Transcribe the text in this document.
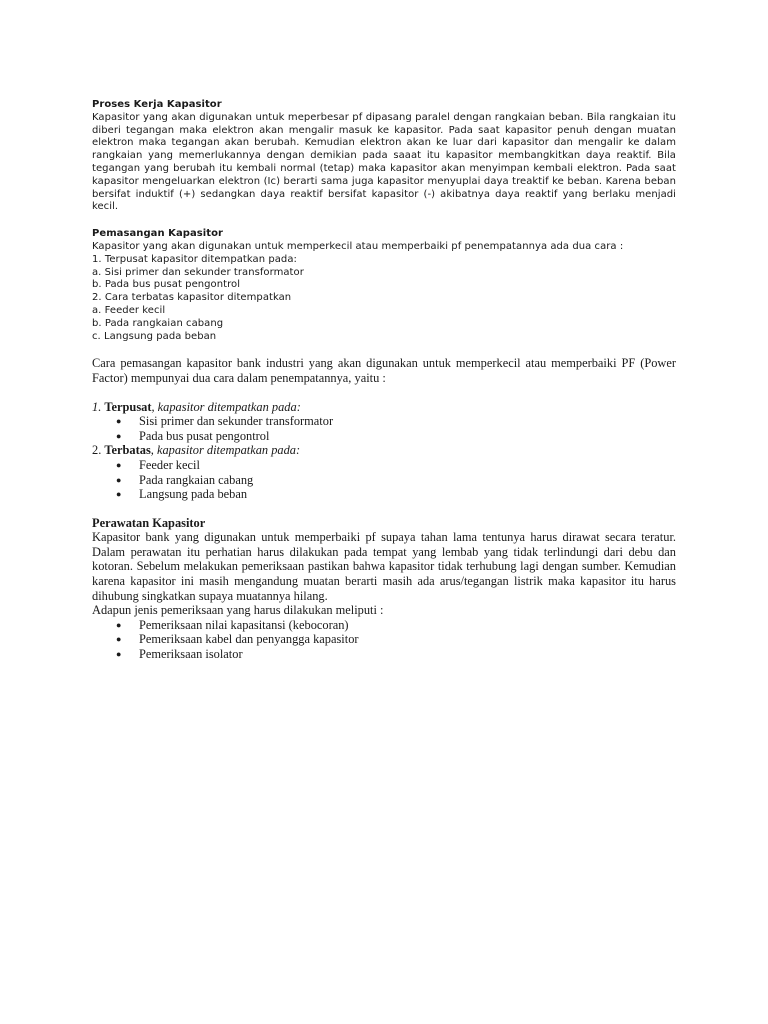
Proses Kerja Kapasitor

Kapasitor yang akan digunakan untuk meperbesar pf dipasang paralel dengan rangkaian beban. Bila rangkaian itu diberi tegangan maka elektron akan mengalir masuk ke kapasitor. Pada saat kapasitor penuh dengan muatan elektron maka tegangan akan berubah. Kemudian elektron akan ke luar dari kapasitor dan mengalir ke dalam rangkaian yang memerlukannya dengan demikian pada saaat itu kapasitor membangkitkan daya reaktif. Bila tegangan yang berubah itu kembali normal (tetap) maka kapasitor akan menyimpan kembali elektron. Pada saat kapasitor mengeluarkan elektron (Ic) berarti sama juga kapasitor menyuplai daya treaktif ke beban. Karena beban bersifat induktif (+) sedangkan daya reaktif bersifat kapasitor (-) akibatnya daya reaktif yang berlaku menjadi kecil.

Pemasangan Kapasitor
Kapasitor yang akan digunakan untuk memperkecil atau memperbaiki pf penempatannya ada dua cara :
1. Terpusat kapasitor ditempatkan pada:
a. Sisi primer dan sekunder transformator
b. Pada bus pusat pengontrol
2. Cara terbatas kapasitor ditempatkan
a. Feeder kecil
b. Pada rangkaian cabang
c. Langsung pada beban

Cara pemasangan kapasitor bank industri yang akan digunakan untuk memperkecil atau memperbaiki PF (Power Factor) mempunyai dua cara dalam penempatannya, yaitu :

1. Terpusat, kapasitor ditempatkan pada:
● Sisi primer dan sekunder transformator
● Pada bus pusat pengontrol
2. Terbatas, kapasitor ditempatkan pada:
● Feeder kecil
● Pada rangkaian cabang
● Langsung pada beban
Perawatan Kapasitor

Kapasitor bank yang digunakan untuk memperbaiki pf supaya tahan lama tentunya harus dirawat secara teratur. Dalam perawatan itu perhatian harus dilakukan pada tempat yang lembab yang tidak terlindungi dari debu dan kotoran. Sebelum melakukan pemeriksaan pastikan bahwa kapasitor tidak terhubung lagi dengan sumber. Kemudian karena kapasitor ini masih mengandung muatan berarti masih ada arus/tegangan listrik maka kapasitor itu harus dihubung singkatkan supaya muatannya hilang.

Adapun jenis pemeriksaan yang harus dilakukan meliputi :
● Pemeriksaan nilai kapasitansi (kebocoran)
● Pemeriksaan kabel dan penyangga kapasitor
● Pemeriksaan isolator
